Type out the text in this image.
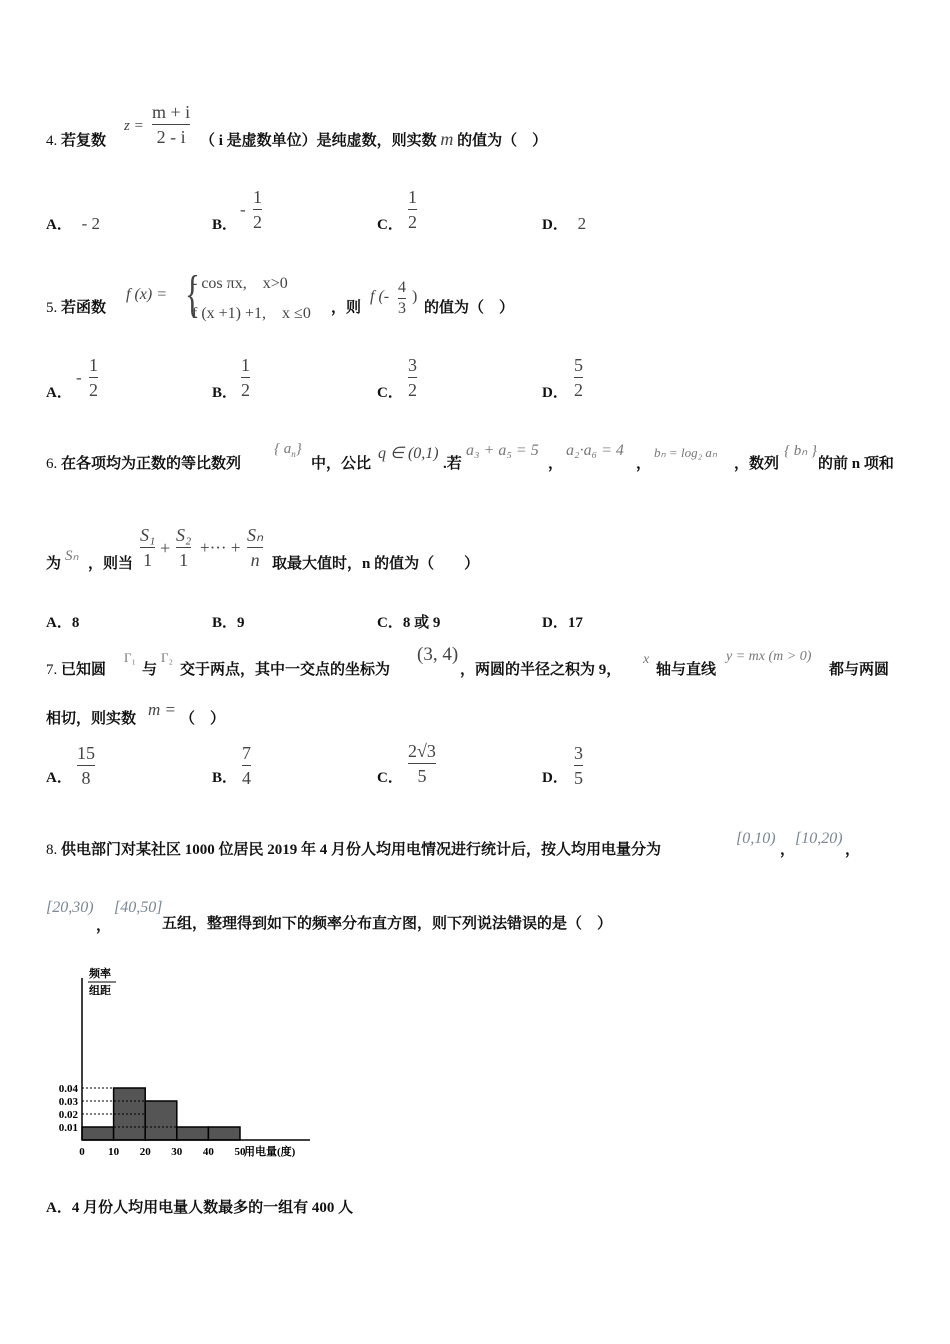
4. 若复数
z =
m + i
2 - i （ i 是虚数单位）是纯虚数，则实数 m 的值为（　）
A． - 2	B．
-
1
2	C．
1
2	D． 2
5. 若函数
f (x) = {
- cos πx,　x>0
f (x +1) +1,　x ≤0 ，则
f (-
4
3
)
的值为（　）
A．
-
1
2	B．
1
2	C．
3
2	D．
5
2
6. 在各项均为正数的等比数列
{ $a_n$}
中，公比
q ∈ (0,1)
.若
a₃ + a₅ = 5
，
a₂·a₆ = 4
，
bₙ = log₂ aₙ
，数列
{ bₙ }
的前 n 项和
为 Sₙ ，则当
S₁
1
+
S₂
1
+··· +
Sₙ
n 取最大值时，n 的值为（　　）
A．8	B．9	C．8 或 9	D．17
7. 已知圆
Γ₁
与
Γ₂
交于两点，其中一交点的坐标为
(3, 4)
，两圆的半径之积为 9，
x
轴与直线
y = mx (m > 0)
都与两圆
相切，则实数 m = （　）
A．
15
8	B．
7
4	C．
2√3
5	D．
3
5
8. 供电部门对某社区 1000 位居民 2019 年 4 月份人均用电情况进行统计后，按人均用电量分为
[0,10)
，
[10,20)
，
[20,30)
，
[40,50]
五组，整理得到如下的频率分布直方图，则下列说法错误的是（　）
0.01
0.02
0.03
0.04
0 10 20 30 40 50
用电量(度)
频率
组距
A．4 月份人均用电量人数最多的一组有 400 人
